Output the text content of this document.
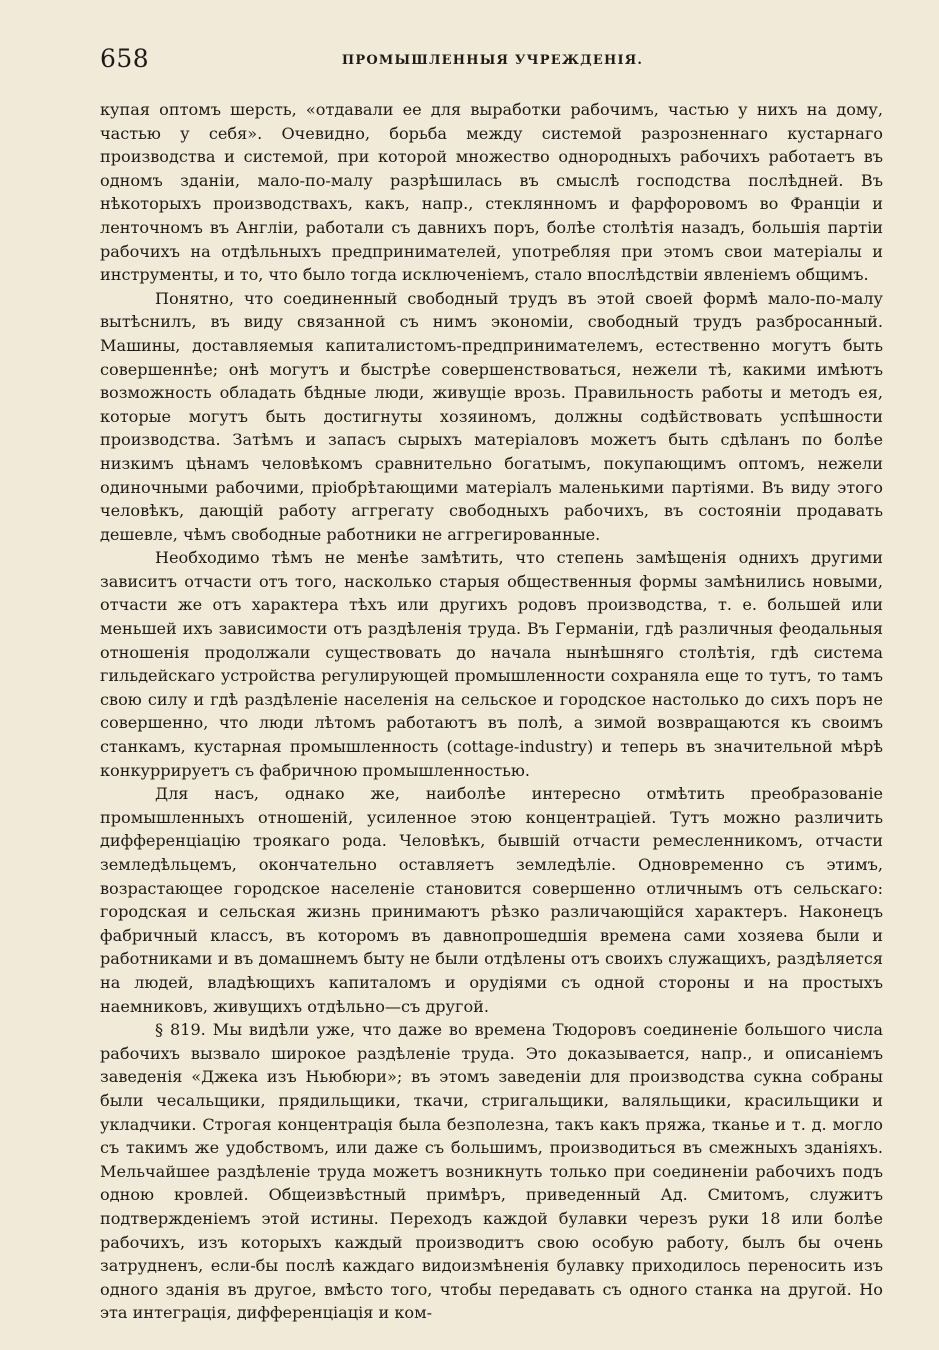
658	ПРОМЫШЛЕННЫЯ УЧРЕЖДЕНІЯ.

купая оптомъ шерсть, «отдавали ее для выработки рабочимъ, частью у нихъ на дому, частью у себя». Очевидно, борьба между системой разрозненнаго кустарнаго производства и системой, при которой множество однородныхъ рабочихъ работаетъ въ одномъ зданіи, мало-по-малу разрѣшилась въ смыслѣ господства послѣдней. Въ нѣкоторыхъ производствахъ, какъ, напр., стеклянномъ и фарфоровомъ во Франціи и ленточномъ въ Англіи, работали съ давнихъ поръ, болѣе столѣтія назадъ, большія партіи рабочихъ на отдѣльныхъ предпринимателей, употребляя при этомъ свои матеріалы и инструменты, и то, что было тогда исключеніемъ, стало впослѣдствіи явленіемъ общимъ.

Понятно, что соединенный свободный трудъ въ этой своей формѣ мало-по-малу вытѣснилъ, въ виду связанной съ нимъ экономіи, свободный трудъ разбросанный. Машины, доставляемыя капиталистомъ-предпринимателемъ, естественно могутъ быть совершеннѣе; онѣ могутъ и быстрѣе совершенствоваться, нежели тѣ, какими имѣютъ возможность обладать бѣдные люди, живущіе врозь. Правильность работы и методъ ея, которые могутъ быть достигнуты хозяиномъ, должны содѣйствовать успѣшности производства. Затѣмъ и запасъ сырыхъ матеріаловъ можетъ быть сдѣланъ по болѣе низкимъ цѣнамъ человѣкомъ сравнительно богатымъ, покупающимъ оптомъ, нежели одиночными рабочими, пріобрѣтающими матеріалъ маленькими партіями. Въ виду этого человѣкъ, дающій работу аггрегату свободныхъ рабочихъ, въ состояніи продавать дешевле, чѣмъ свободные работники не аггрегированные.

Необходимо тѣмъ не менѣе замѣтить, что степень замѣщенія однихъ другими зависитъ отчасти отъ того, насколько старыя общественныя формы замѣнились новыми, отчасти же отъ характера тѣхъ или другихъ родовъ производства, т. е. большей или меньшей ихъ зависимости отъ раздѣленія труда. Въ Германіи, гдѣ различныя феодальныя отношенія продолжали существовать до начала нынѣшняго столѣтія, гдѣ система гильдейскаго устройства регулирующей промышленности сохраняла еще то тутъ, то тамъ свою силу и гдѣ раздѣленіе населенія на сельское и городское настолько до сихъ поръ не совершенно, что люди лѣтомъ работаютъ въ полѣ, а зимой возвращаются къ своимъ станкамъ, кустарная промышленность (cottage-industry) и теперь въ значительной мѣрѣ конкуррируетъ съ фабричною промышленностью.

Для насъ, однако же, наиболѣе интересно отмѣтить преобразованіе промышленныхъ отношеній, усиленное этою концентраціей. Тутъ можно различить дифференціацію троякаго рода. Человѣкъ, бывшій отчасти ремесленникомъ, отчасти земледѣльцемъ, окончательно оставляетъ земледѣліе. Одновременно съ этимъ, возрастающее городское населеніе становится совершенно отличнымъ отъ сельскаго: городская и сельская жизнь принимаютъ рѣзко различающійся характеръ. Наконецъ фабричный классъ, въ которомъ въ давнопрошедшія времена сами хозяева были и работниками и въ домашнемъ быту не были отдѣлены отъ своихъ служащихъ, раздѣляется на людей, владѣющихъ капиталомъ и орудіями съ одной стороны и на простыхъ наемниковъ, живущихъ отдѣльно—съ другой.

§ 819. Мы видѣли уже, что даже во времена Тюдоровъ соединеніе большого числа рабочихъ вызвало широкое раздѣленіе труда. Это доказывается, напр., и описаніемъ заведенія «Джека изъ Ньюбюри»; въ этомъ заведеніи для производства сукна собраны были чесальщики, прядильщики, ткачи, стригальщики, валяльщики, красильщики и укладчики. Строгая концентрація была безполезна, такъ какъ пряжа, тканье и т. д. могло съ такимъ же удобствомъ, или даже съ большимъ, производиться въ смежныхъ зданіяхъ. Мельчайшее раздѣленіе труда можетъ возникнуть только при соединеніи рабочихъ подъ одною кровлей. Общеизвѣстный примѣръ, приведенный Ад. Смитомъ, служитъ подтвержденіемъ этой истины. Переходъ каждой булавки черезъ руки 18 или болѣе рабочихъ, изъ которыхъ каждый производитъ свою особую работу, былъ бы очень затрудненъ, если-бы послѣ каждаго видоизмѣненія булавку приходилось переносить изъ одного зданія въ другое, вмѣсто того, чтобы передавать съ одного станка на другой. Но эта интеграція, дифференціація и ком-
